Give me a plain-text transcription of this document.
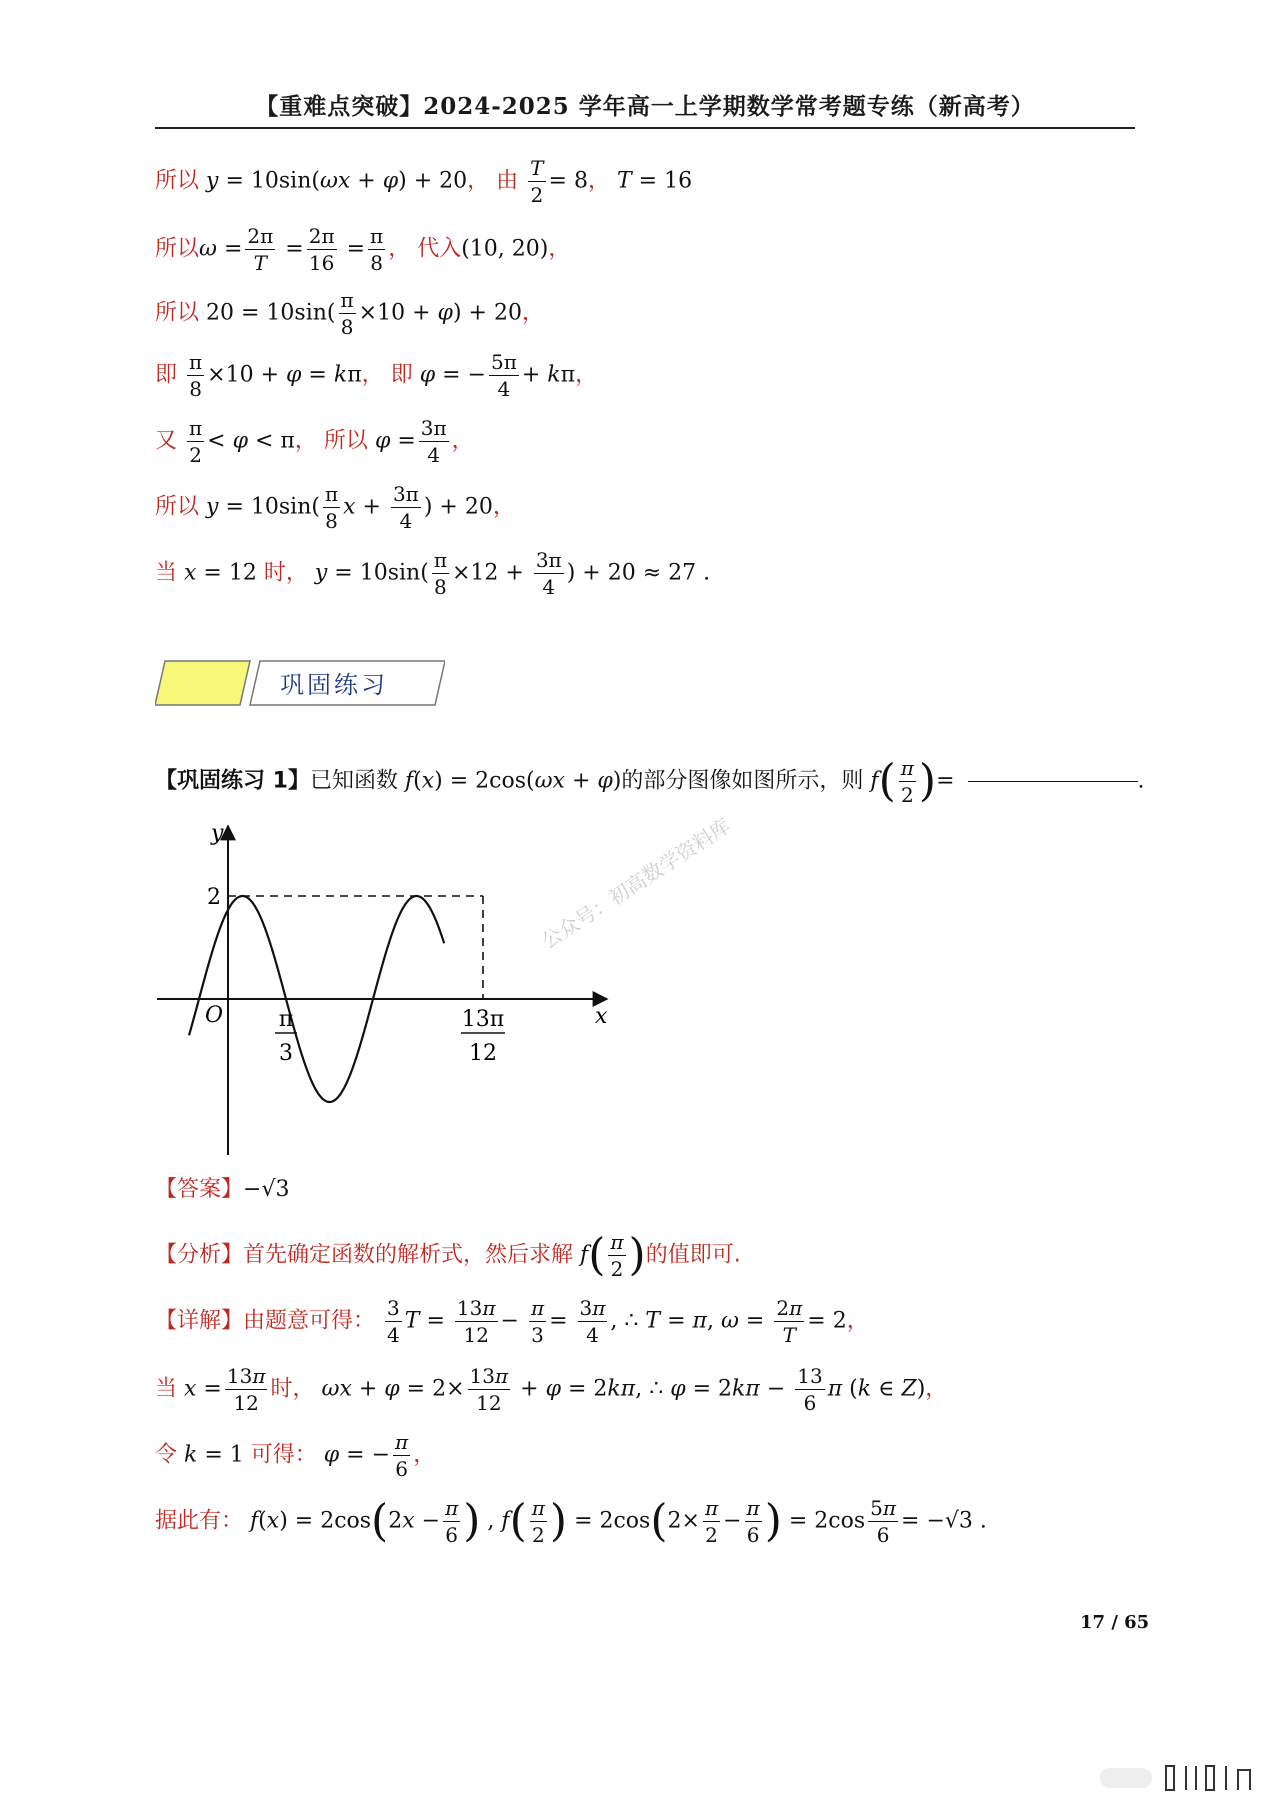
【重难点突破】2024-2025 学年高一上学期数学常考题专练（新高考）
所以 y = 10sin(ωx + φ) + 20， 由 $\frac{T}{2} = 8$， T = 16
所以$\omega = \frac{2\pi}{T} = \frac{2\pi}{16} = \frac{\pi}{8}$ ， 代入(10, 20)，
所以 $20 = 10\sin( \frac{\pi}{8} \times 10 + \varphi) + 20$，
即 $\frac{\pi}{8} \times 10 + \varphi = k\pi$， 即 φ = − $\frac{5\pi}{4} + k\pi$，
又 $\frac{\pi}{2} < \varphi < \pi$， 所以 $\varphi = \frac{3\pi}{4}$ ，
所以 $y = 10\sin( \frac{\pi}{8}$ $x + \frac{3\pi}{4}$ ) + 20，
当 x = 12 时， $y = 10\sin( \frac{\pi}{8} \times 12 + \frac{3\pi}{4}$ ) + 20 ≈ 27 .
巩固练习
【巩固练习 1】已知函数 f(x) = 2cos(ωx + φ)的部分图像如图所示，则 $f( \frac{\pi}{2}$ )=	.
y
x
O
2
π
3
13π
12
公众号：初高数学资料库
【答案】−√3
【分析】首先确定函数的解析式，然后求解 $f( \frac{\pi}{2}$ )的值即可.
【详解】由题意可得： $\frac{3}{4}$ $T = \frac{13\pi}{12} - \frac{\pi}{3} = \frac{3\pi}{4}$ , ∴ T = π, $\omega = \frac{2\pi}{T} = 2$，
当 $x = \frac{13\pi}{12}$ 时， $\omega x + \varphi = 2\times \frac{13\pi}{12} + \varphi = 2k\pi$, ∴ $\varphi = 2k\pi - \frac{13}{6}$ π (k ∈ Z)，
令 k = 1 可得： φ = − $\frac{\pi}{6}$ ，
据此有： $f(x) = 2\cos(2x - \frac{\pi}{6}$ ) , $f( \frac{\pi}{2}$ ) = $2\cos(2\times \frac{\pi}{2} - \frac{\pi}{6}$ ) = $2\cos \frac{5\pi}{6} = -√3$ .
17 / 65
